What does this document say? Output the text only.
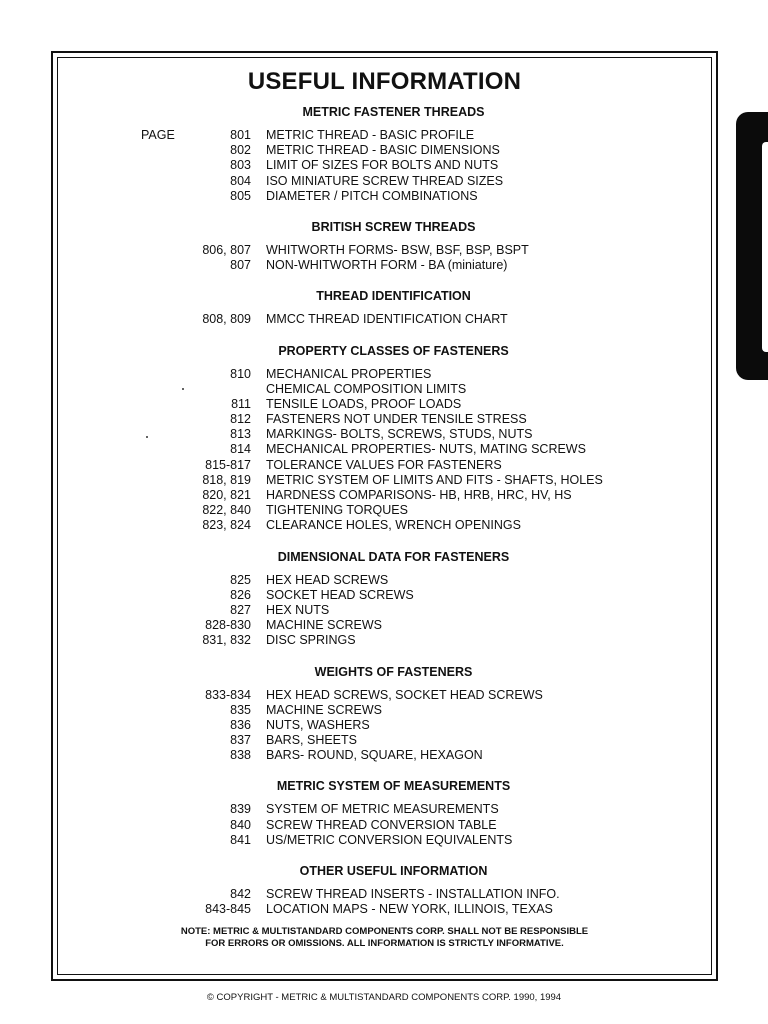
USEFUL INFORMATION
METRIC FASTENER THREADS
PAGE	801 METRIC THREAD - BASIC PROFILE
802 METRIC THREAD - BASIC DIMENSIONS
803 LIMIT OF SIZES FOR BOLTS AND NUTS
804 ISO MINIATURE SCREW THREAD SIZES
805 DIAMETER / PITCH COMBINATIONS
BRITISH SCREW THREADS
806, 807 WHITWORTH FORMS- BSW, BSF, BSP, BSPT
807 NON-WHITWORTH FORM - BA (miniature)
THREAD IDENTIFICATION
808, 809 MMCC THREAD IDENTIFICATION CHART
PROPERTY CLASSES OF FASTENERS
810 MECHANICAL PROPERTIES
CHEMICAL COMPOSITION LIMITS
811 TENSILE LOADS, PROOF LOADS
812 FASTENERS NOT UNDER TENSILE STRESS
813 MARKINGS- BOLTS, SCREWS, STUDS, NUTS
814 MECHANICAL PROPERTIES- NUTS, MATING SCREWS
815-817 TOLERANCE VALUES FOR FASTENERS
818, 819 METRIC SYSTEM OF LIMITS AND FITS - SHAFTS, HOLES
820, 821 HARDNESS COMPARISONS- HB, HRB, HRC, HV, HS
822, 840 TIGHTENING TORQUES
823, 824 CLEARANCE HOLES, WRENCH OPENINGS
DIMENSIONAL DATA FOR FASTENERS
825 HEX HEAD SCREWS
826 SOCKET HEAD SCREWS
827 HEX NUTS
828-830 MACHINE SCREWS
831, 832 DISC SPRINGS
WEIGHTS OF FASTENERS
833-834 HEX HEAD SCREWS, SOCKET HEAD SCREWS
835 MACHINE SCREWS
836 NUTS, WASHERS
837 BARS, SHEETS
838 BARS- ROUND, SQUARE, HEXAGON
METRIC SYSTEM OF MEASUREMENTS
839 SYSTEM OF METRIC MEASUREMENTS
840 SCREW THREAD CONVERSION TABLE
841 US/METRIC CONVERSION EQUIVALENTS
OTHER USEFUL INFORMATION
842 SCREW THREAD INSERTS - INSTALLATION INFO.
843-845 LOCATION MAPS - NEW YORK, ILLINOIS, TEXAS
NOTE: METRIC & MULTISTANDARD COMPONENTS CORP. SHALL NOT BE RESPONSIBLE
FOR ERRORS OR OMISSIONS. ALL INFORMATION IS STRICTLY INFORMATIVE.
© COPYRIGHT - METRIC & MULTISTANDARD COMPONENTS CORP. 1990, 1994
